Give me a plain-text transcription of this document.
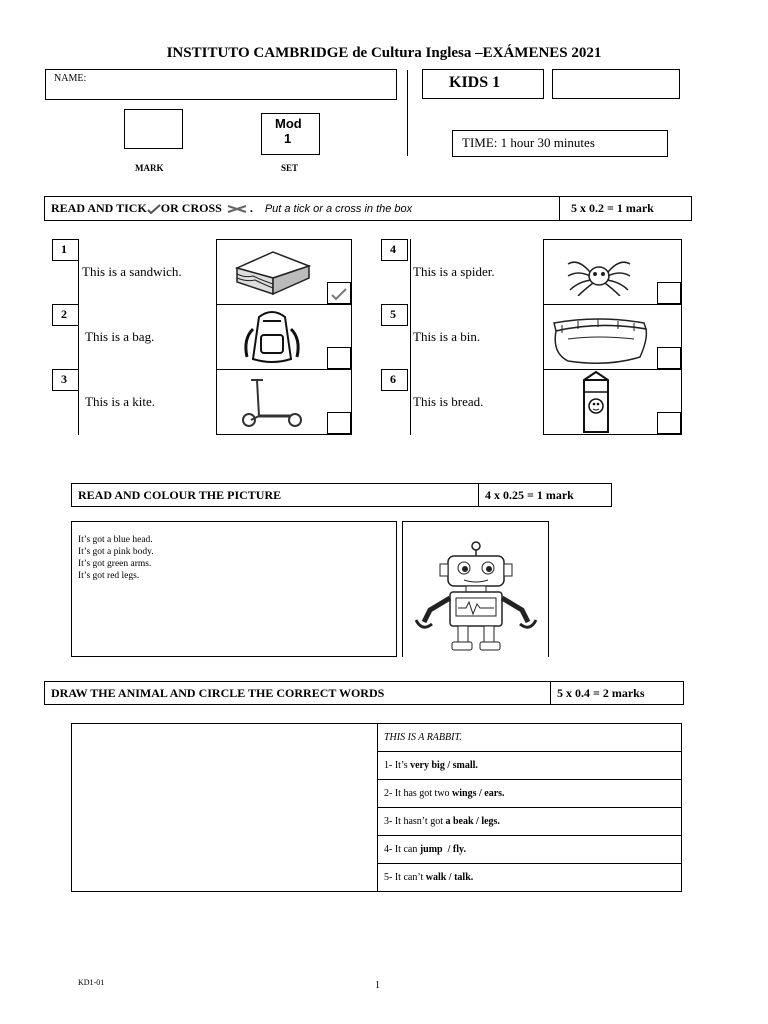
INSTITUTO CAMBRIDGE de Cultura Inglesa –EXÁMENES 2021
NAME:	KIDS 1
Mod
1
MARK	SET
TIME: 1 hour 30 minutes
READ AND TICK OR CROSS . Put a tick or a cross in the box	5 x 0.2 = 1 mark
1
This is a sandwich.
2
This is a bag.
3
This is a kite.
4
This is a spider.
5
This is a bin.
6
This is bread.
READ AND COLOUR THE PICTURE	4 x 0.25 = 1 mark
It’s got a blue head.
It’s got a pink body.
It’s got green arms.
It’s got red legs.
DRAW THE ANIMAL AND CIRCLE THE CORRECT WORDS	5 x 0.4 = 2 marks
THIS IS A RABBIT.
1- It’s very big / small.
2- It has got two wings / ears.
3- It hasn’t got a beak / legs.
4- It can jump  / fly.
5- It can’t walk / talk.
KD1-01	1
